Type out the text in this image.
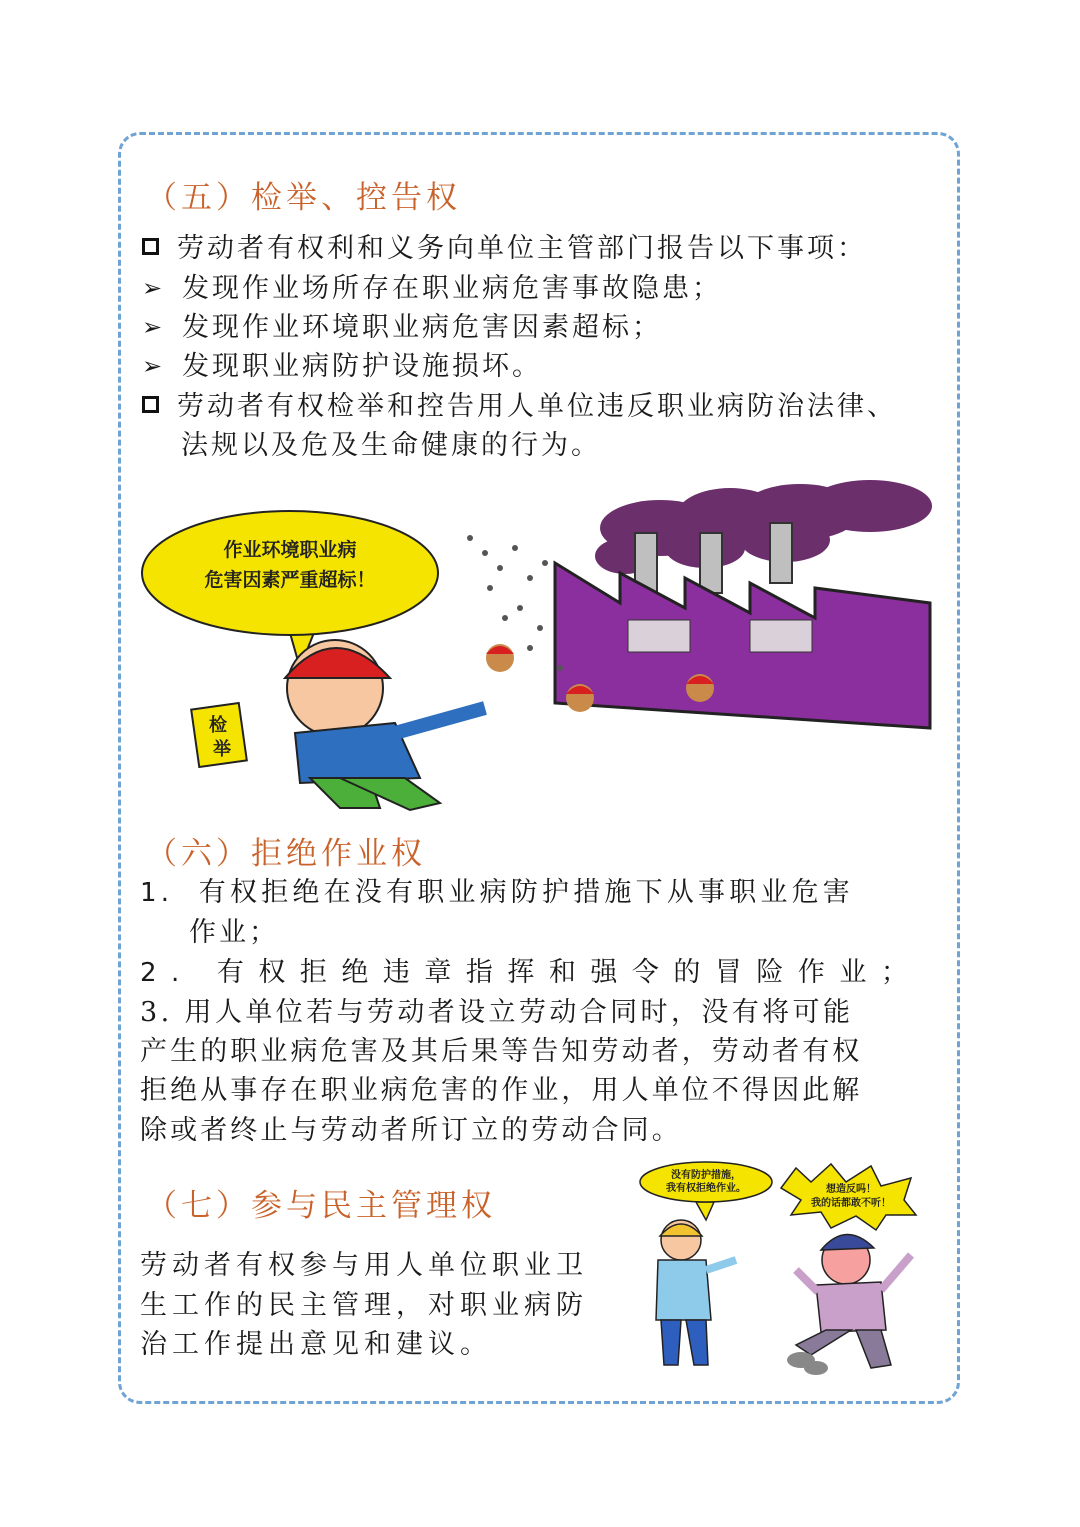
（五）检举、控告权

劳动者有权利和义务向单位主管部门报告以下事项：

➢ 发现作业场所存在职业病危害事故隐患；

➢ 发现作业环境职业病危害因素超标；

➢ 发现职业病防护设施损坏。

劳动者有权检举和控告用人单位违反职业病防治法律、

法规以及危及生命健康的行为。

作业环境职业病
危害因素严重超标！
检
举
（六）拒绝作业权

1. 有权拒绝在没有职业病防护措施下从事职业危害

作业；

2. 有权拒绝违章指挥和强令的冒险作业；

3. 用人单位若与劳动者设立劳动合同时，没有将可能

产生的职业病危害及其后果等告知劳动者，劳动者有权

拒绝从事存在职业病危害的作业，用人单位不得因此解

除或者终止与劳动者所订立的劳动合同。

（七）参与民主管理权

劳动者有权参与用人单位职业卫

生工作的民主管理，对职业病防

治工作提出意见和建议。

没有防护措施，
我有权拒绝作业。	想造反吗！
我的话都敢不听！
